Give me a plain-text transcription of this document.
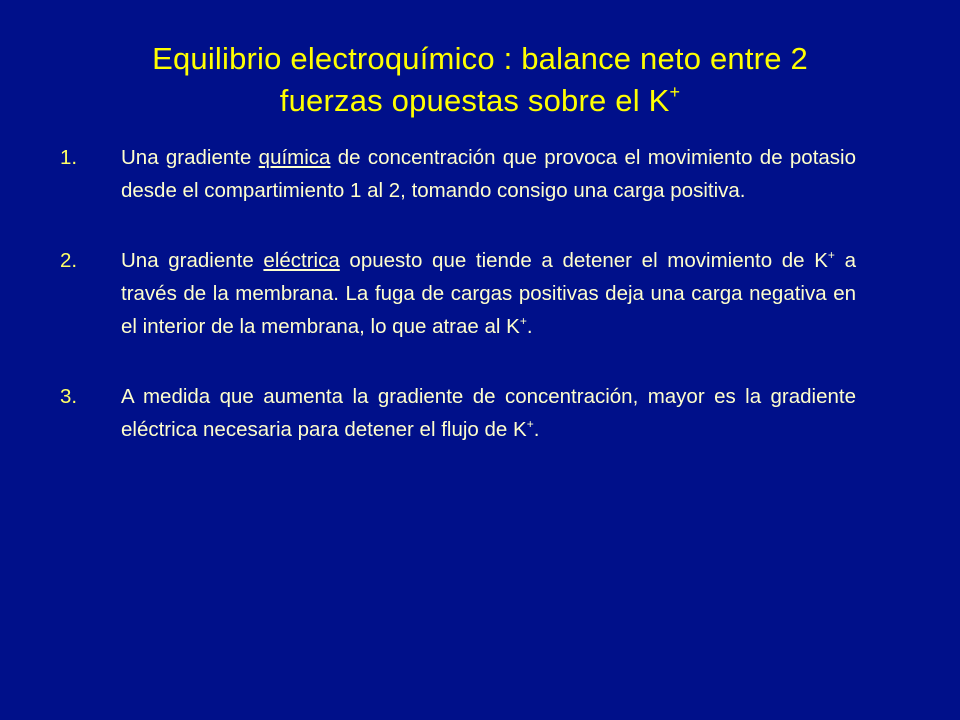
Equilibrio electroquímico : balance neto entre 2
fuerzas opuestas sobre el K+
1.	Una gradiente química de concentración que provoca el movimiento de potasio desde el compartimiento 1 al 2, tomando consigo una carga positiva.
2.	Una gradiente eléctrica opuesto que tiende a detener el movimiento de K+ a través de la membrana. La fuga de cargas positivas deja una carga negativa en el interior de la membrana, lo que atrae al K+.
3.	A medida que aumenta la gradiente de concentración, mayor es la gradiente eléctrica necesaria para detener el flujo de K+.
